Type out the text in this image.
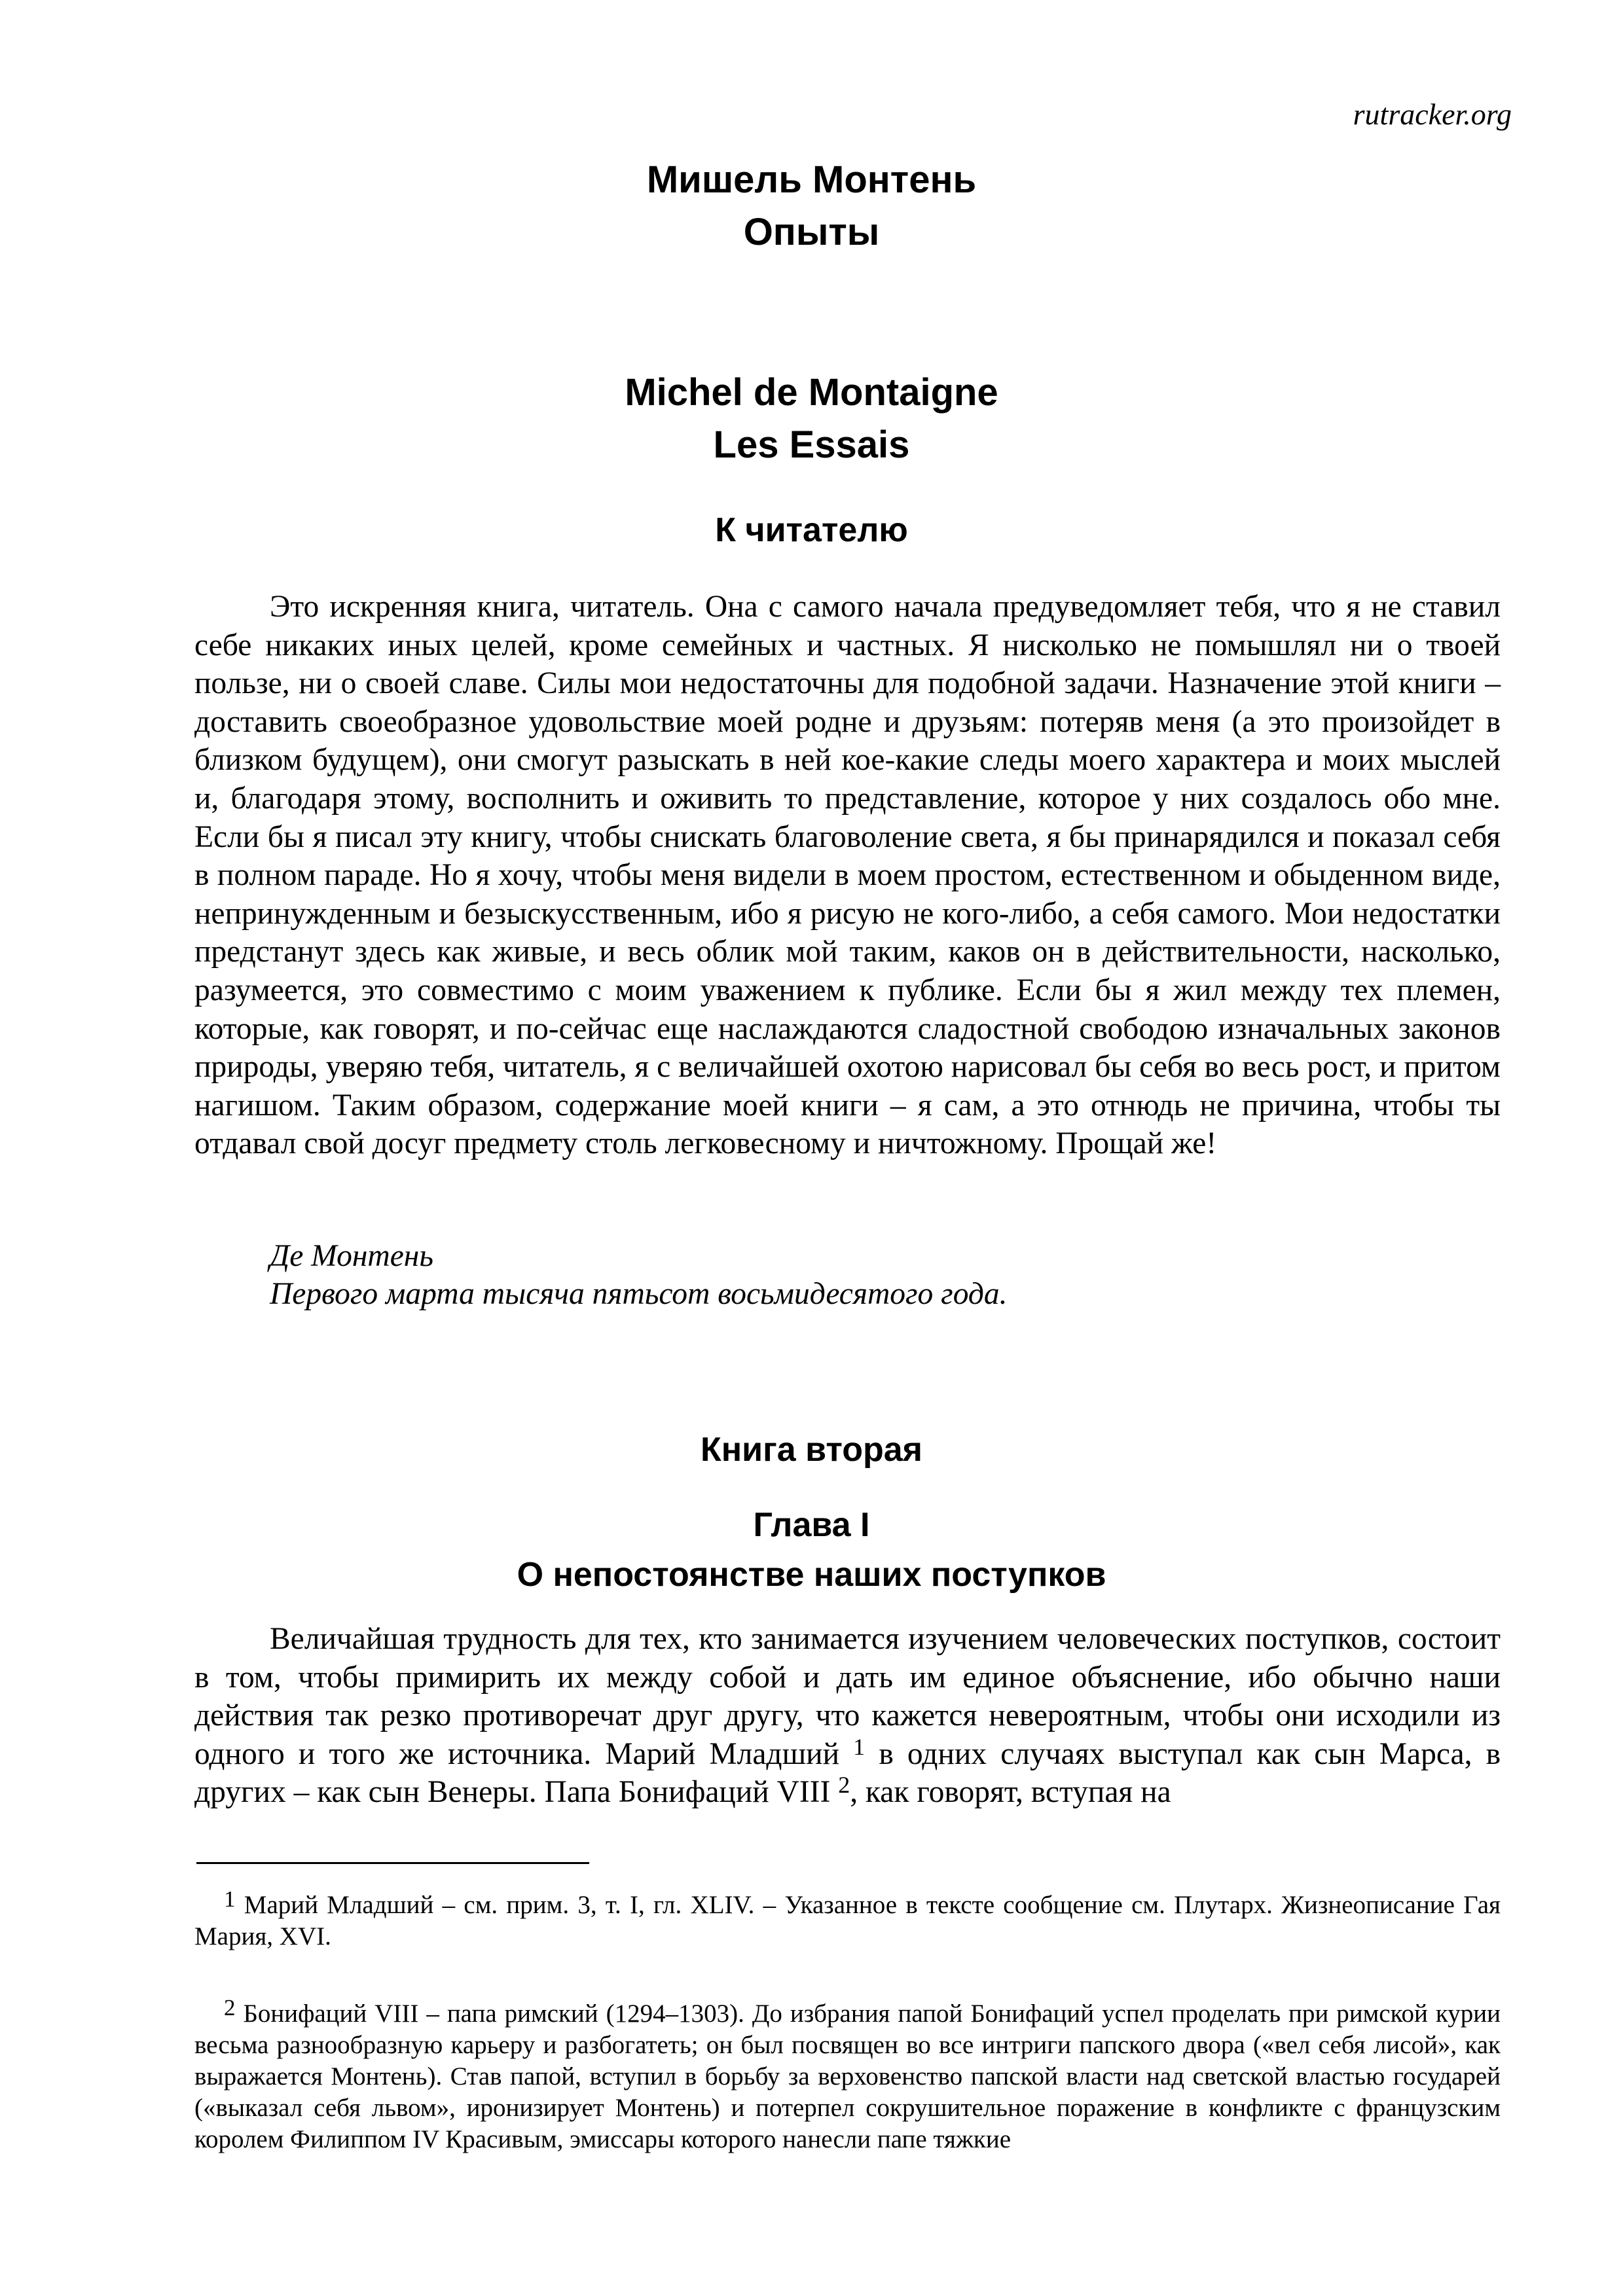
rutracker.org

Мишель Монтень
Опыты
Michel de Montaigne
Les Essais
К читателю

Это искренняя книга, читатель. Она с самого начала предуведомляет тебя, что я не ставил себе никаких иных целей, кроме семейных и частных. Я нисколько не помышлял ни о твоей пользе, ни о своей славе. Силы мои недостаточны для подобной задачи. Назначение этой книги – доставить своеобразное удовольствие моей родне и друзьям: потеряв меня (а это произойдет в близком будущем), они смогут разыскать в ней кое-какие следы моего характера и моих мыслей и, благодаря этому, восполнить и оживить то представление, которое у них создалось обо мне. Если бы я писал эту книгу, чтобы снискать благоволение света, я бы принарядился и показал себя в полном параде. Но я хочу, чтобы меня видели в моем простом, естественном и обыденном виде, непринужденным и безыскусственным, ибо я рисую не кого-либо, а себя самого. Мои недостатки предстанут здесь как живые, и весь облик мой таким, каков он в действительности, насколько, разумеется, это совместимо с моим уважением к публике. Если бы я жил между тех племен, которые, как говорят, и по-сейчас еще наслаждаются сладостной свободою изначальных законов природы, уверяю тебя, читатель, я с величайшей охотою нарисовал бы себя во весь рост, и притом нагишом. Таким образом, содержание моей книги – я сам, а это отнюдь не причина, чтобы ты отдавал свой досуг предмету столь легковесному и ничтожному. Прощай же!

Де Монтень

Первого марта тысяча пятьсот восьмидесятого года.

Книга вторая
Глава I
О непостоянстве наших поступков

Величайшая трудность для тех, кто занимается изучением человеческих поступков, состоит в том, чтобы примирить их между собой и дать им единое объяснение, ибо обычно наши действия так резко противоречат друг другу, что кажется невероятным, чтобы они исходили из одного и того же источника. Марий Младший $^1$ в одних случаях выступал как сын Марса, в других – как сын Венеры. Папа Бонифаций VIII $^2$, как говорят, вступая на

$^1$ Марий Младший – см. прим. 3, т. I, гл. XLIV. – Указанное в тексте сообщение см. Плутарх. Жизнеописание Гая Мария, XVI.

$^2$ Бонифаций VIII – папа римский (1294–1303). До избрания папой Бонифаций успел проделать при римской курии весьма разнообразную карьеру и разбогатеть; он был посвящен во все интриги папского двора («вел себя лисой», как выражается Монтень). Став папой, вступил в борьбу за верховенство папской власти над светской властью государей («выказал себя львом», иронизирует Монтень) и потерпел сокрушительное поражение в конфликте с французским королем Филиппом IV Красивым, эмиссары которого нанесли папе тяжкие
